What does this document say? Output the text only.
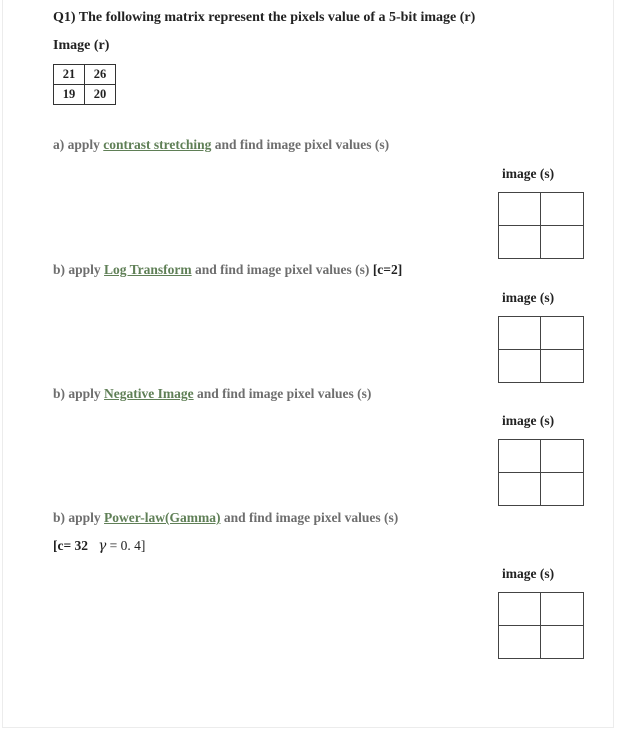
Q1) The following matrix represent the pixels value of a 5-bit image (r)
Image (r)
21	26
19	20
a) apply contrast stretching and find image pixel values (s)
image (s)
b) apply Log Transform and find image pixel values (s) [c=2]
image (s)
b) apply Negative Image and find image pixel values (s)
image (s)
b) apply Power-law(Gamma) and find image pixel values (s)
[c= 32 γ = 0. 4]
image (s)
